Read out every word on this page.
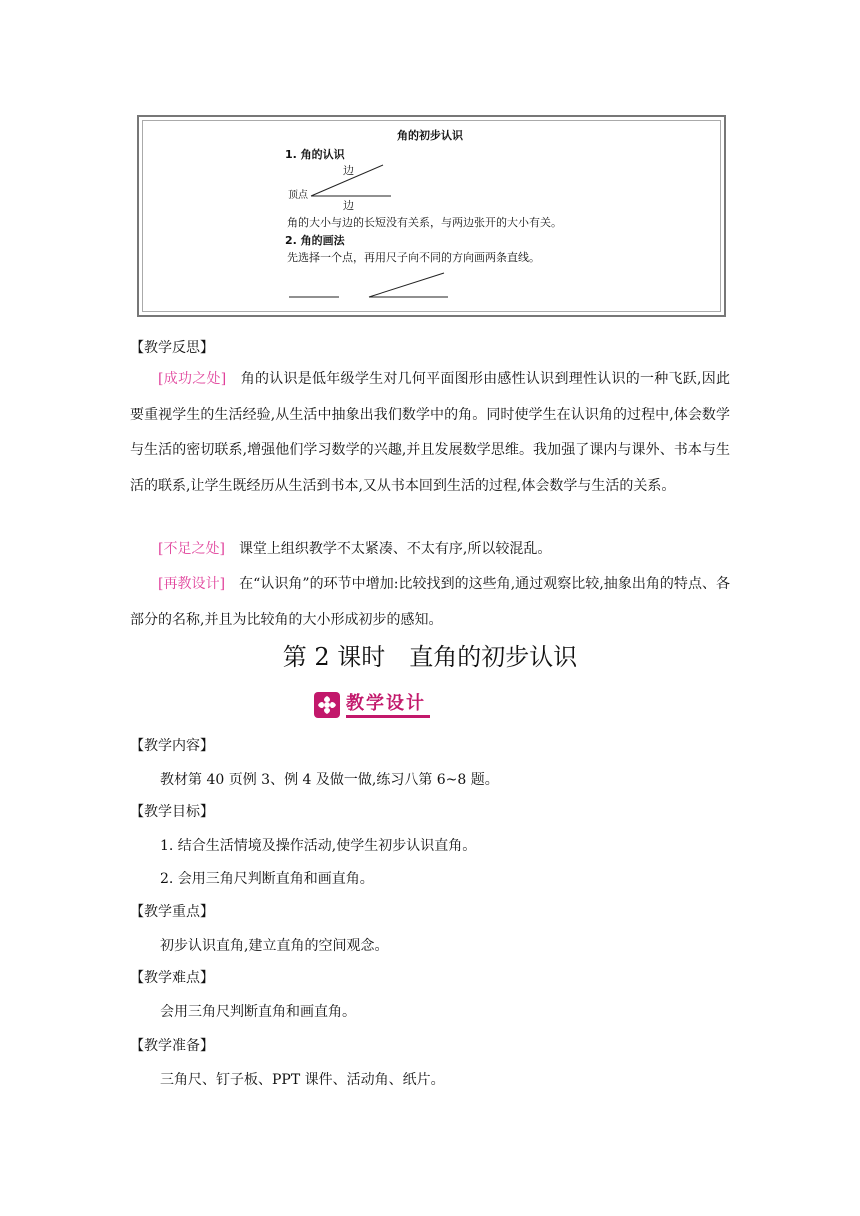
角的初步认识
1. 角的认识
边
顶点
边
角的大小与边的长短没有关系，与两边张开的大小有关。
2. 角的画法
先选择一个点，再用尺子向不同的方向画两条直线。
【教学反思】
[成功之处]　 角的认识是低年级学生对几何平面图形由感性认识到理性认识的一种飞跃,因此要重视学生的生活经验,从生活中抽象出我们数学中的角。同时使学生在认识角的过程中,体会数学与生活的密切联系,增强他们学习数学的兴趣,并且发展数学思维。我加强了课内与课外、书本与生活的联系,让学生既经历从生活到书本,又从书本回到生活的过程,体会数学与生活的关系。
[不足之处]　 课堂上组织教学不太紧凑、不太有序,所以较混乱。
[再教设计]　 在“认识角”的环节中增加:比较找到的这些角,通过观察比较,抽象出角的特点、各部分的名称,并且为比较角的大小形成初步的感知。
第 2 课时　直角的初步认识
教学设计
【教学内容】
教材第 40 页例 3、例 4 及做一做,练习八第 6~8 题。
【教学目标】
1. 结合生活情境及操作活动,使学生初步认识直角。
2. 会用三角尺判断直角和画直角。
【教学重点】
初步认识直角,建立直角的空间观念。
【教学难点】
会用三角尺判断直角和画直角。
【教学准备】
三角尺、钉子板、PPT 课件、活动角、纸片。
